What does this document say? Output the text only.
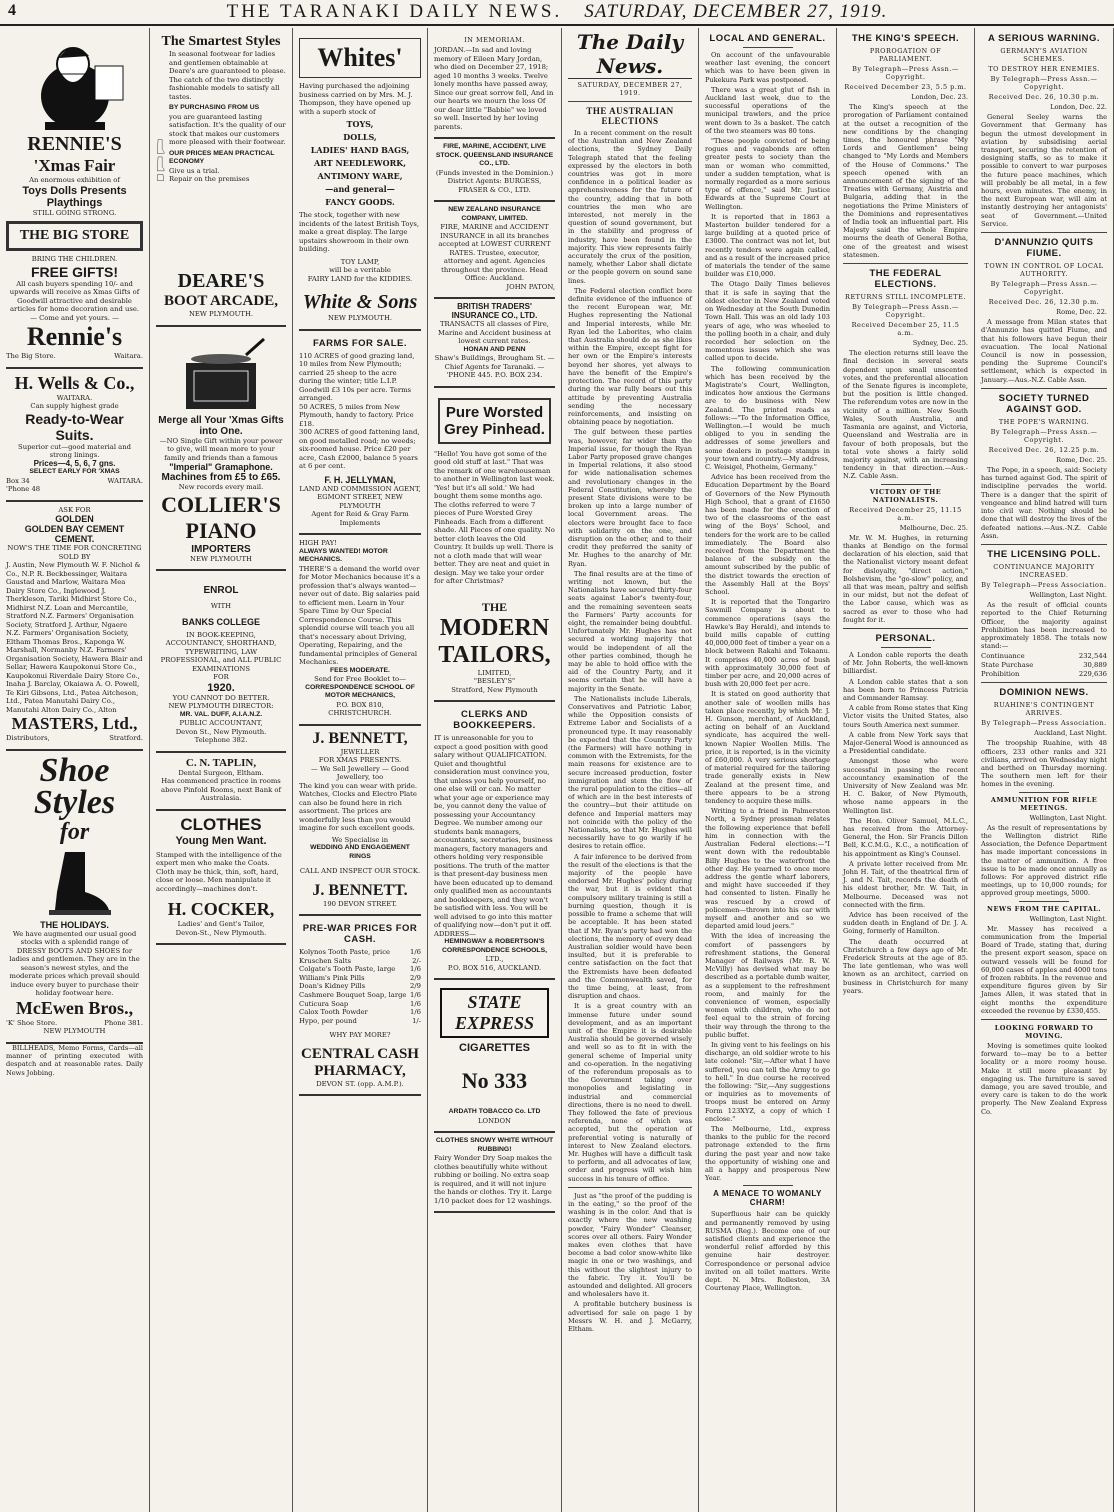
4	THE TARANAKI DAILY NEWS. SATURDAY, DECEMBER 27, 1919.
RENNIE'S
'Xmas Fair

An enormous exhibition of

Toys Dolls Presents Playthings

STILL GOING STRONG.

THE BIG STORE

BRING THE CHILDREN.

FREE GIFTS!

All cash buyers spending 10/- and upwards will receive as Xmas Gifts of Goodwill attractive and desirable articles for home decoration and use. — Come and yet yours. —

Rennie's
The Big Store.	Waitara.
H. Wells & Co.,

WAITARA.

Can supply highest grade

Ready-to-Wear Suits.

Superior cut—good material and strong linings.

Prices—4, 5, 6, 7 gns.

SELECT EARLY FOR 'XMAS

Box 34	WAITARA.
'Phone 48

ASK FOR

GOLDEN
GOLDEN BAY CEMENT
CEMENT.

NOW'S THE TIME FOR CONCRETING

SOLD BY

J. Austin, New Plymouth W. F. Nichol & Co., N.P. R. Beckbessinger, Waitara Gaustad and Marlow, Waitara Mea Dairy Store Co., Inglewood J. Therkleson, Tariki Midhirst Store Co., Midhirst N.Z. Loan and Mercantile, Stratford N.Z. Farmers' Organisation Society, Stratford J. Arthur, Ngaere N.Z. Farmers' Organisation Society, Eltham Thomas Bros., Kaponga W. Marshall, Normanby N.Z. Farmers' Organisation Society, Hawera Blair and Sellar, Hawera Kaupokonui Store Co., Kaupokonui Riverdale Dairy Store Co., Inaha J. Barclay, Okaiawa A. O. Powell, Te Kiri Gibsons, Ltd., Patea Aitcheson, Ltd., Patea Manutahi Dairy Co., Manutahi Alton Dairy Co., Alton

MASTERS, Ltd.,
Distributors,	Stratford.
Shoe
Styles
for
THE HOLIDAYS.

We have augmented our usual good stocks with a splendid range of DRESSY BOOTS AND SHOES for ladies and gentlemen. They are in the season's newest styles, and the moderate prices which prevail should induce every buyer to purchase their holiday footwear here.

McEwen Bros.,
'K' Shoe Store.	Phone 381.

NEW PLYMOUTH

BILLHEADS, Memo Forms, Cards—all manner of printing executed with despatch and at reasonable rates. Daily News Jobbing.

The Smartest Styles

In seasonal footwear for ladies and gentlemen obtainable at Deare's are guaranteed to please. The catch of the two distinctly fashionable models to satisfy all tastes.

BY PURCHASING FROM US

you are guaranteed lasting satisfaction. It's the quality of our stock that makes our customers more pleased with their footwear.

OUR PRICES MEAN PRACTICAL ECONOMY

Give us a trial.

Repair on the premises

DEARE'S
BOOT ARCADE,

NEW PLYMOUTH.

Merge all Your 'Xmas Gifts into One.

—NO Single Gift within your power to give, will mean more to your family and friends than a famous

"Imperial" Gramaphone.
Machines from £5 to £65.

New records every mail.

COLLIER'S
PIANO
IMPORTERS

NEW PLYMOUTH

ENROL

WITH

BANKS COLLEGE

IN BOOK-KEEPING, ACCOUNTANCY, SHORTHAND, TYPEWRITING, LAW PROFESSIONAL, and ALL PUBLIC EXAMINATIONS

FOR

1920.

YOU CANNOT DO BETTER.

NEW PLYMOUTH DIRECTOR:

MR. VAL. DUFF, A.I.A.N.Z.

PUBLIC ACCOUNTANT,

Devon St., New Plymouth.

Telephone 382.

C. N. TAPLIN,

Dental Surgeon, Eltham.

Has commenced practice in rooms above Pinfold Rooms, next Bank of Australasia.

CLOTHES
Young Men Want.

Stamped with the intelligence of the expert men who make the Coats. Cloth may be thick, thin, soft, hard, close or loose. Men manipulate it accordingly—machines don't.

H. COCKER,

Ladies' and Gent's Tailor,

Devon-St., New Plymouth.

Whites'

Having purchased the adjoining business carried on by Mrs. M. J. Thompson, they have opened up with a superb stock of

TOYS,
DOLLS,
LADIES' HAND BAGS,
ART NEEDLEWORK,
ANTIMONY WARE,
—and general—
FANCY GOODS.

The stock, together with new incidents of the latest British Toys, make a great display. The large upstairs showroom in their own building.

TOY LAMP,

will be a veritable

FAIRY LAND for the KIDDIES.

White & Sons

NEW PLYMOUTH.

FARMS FOR SALE.

110 ACRES of good grazing land, 10 miles from New Plymouth; carried 25 sheep to the acre during the winter; title L.I.P. Goodwill £3 10s per acre. Terms arranged.

50 ACRES, 5 miles from New Plymouth, handy to factory. Price £18.

300 ACRES of good fattening land, on good metalled road; no weeds; six-roomed house. Price £20 per acre, Cash £2000, balance 5 years at 6 per cent.

F. H. JELLYMAN,

LAND AND COMMISSION AGENT, EGMONT STREET, NEW PLYMOUTH

Agent for Reid & Gray Farm Implements

HIGH PAY!

ALWAYS WANTED! MOTOR MECHANICS.

THERE'S a demand the world over for Motor Mechanics because it's a profession that's always wanted—never out of date. Big salaries paid to efficient men. Learn in Your Spare Time by Our Special Correspondence Course. This splendid course will teach you all that's necessary about Driving, Operating, Repairing, and the fundamental principles of General Mechanics.

FEES MODERATE.

Send for Free Booklet to—

CORRESPONDENCE SCHOOL OF MOTOR MECHANICS,

P.O. BOX 810,

CHRISTCHURCH.

J. BENNETT,

JEWELLER

FOR XMAS PRESENTS.

— We Sell Jewellery — Good Jewellery, too

The kind you can wear with pride. Watches, Clocks and Electro Plate can also be found here in rich assortment. The prices are wonderfully less than you would imagine for such excellent goods.

We Specialise in

WEDDING AND ENGAGEMENT RINGS

CALL AND INSPECT OUR STOCK.

J. BENNETT.

190 DEVON STREET.

PRE-WAR PRICES FOR CASH.
Kolynos Tooth Paste, price	1/6
Kruschen Salts	2/-
Colgate's Tooth Paste, large 1/6
William's Pink Pills	2/9
Doan's Kidney Pills	2/9
Cashmere Bouquet Soap, large 1/6
Cuticura Soap	1/6
Calox Tooth Powder	1/6
Hypo, per pound	1/-

WHY PAY MORE?

CENTRAL CASH PHARMACY,

DEVON ST. (opp. A.M.P.).

IN MEMORIAM.

JORDAN.—In sad and loving memory of Eileen Mary Jordan, who died on December 27, 1918; aged 10 months 3 weeks. Twelve lonely months have passed away, Since our great sorrow fell, And in our hearts we mourn the loss Of our dear little "Babbie" we loved so well. Inserted by her loving parents.

FIRE, MARINE, ACCIDENT, LIVE STOCK. QUEENSLAND INSURANCE CO., LTD.

(Funds invested in the Dominion.) District Agents: BURGESS, FRASER & CO., LTD.

NEW ZEALAND INSURANCE COMPANY, LIMITED.

FIRE, MARINE and ACCIDENT INSURANCE in all its branches accepted at LOWEST CURRENT RATES. Trustee, executor, attorney and agent. Agencies throughout the province. Head Office: Auckland.

JOHN PATON,

BRITISH TRADERS' INSURANCE CO., LTD.

TRANSACTS all classes of Fire, Marine and Accident business at lowest current rates.

HONAN AND PENN

Shaw's Buildings, Brougham St. — Chief Agents for Taranaki. — 'PHONE 445. P.O. BOX 234.

Pure Worsted
Grey Pinhead.

"Hello! You have got some of the good old stuff at last." That was the remark of one warehouseman to another in Wellington last week. 'Yes! but it's all sold.' We had bought them some months ago. The cloths referred to were 7 pieces of Pure Worsted Grey Pinheads. Each from a different shade. All Pieces of one quality. No better cloth leaves the Old Country. It builds up well. There is not a cloth made that will wear better. They are neat and quiet in design. May we take your order for after Christmas?

THE
MODERN
TAILORS,

LIMITED,

"BESLEY'S"

Stratford, New Plymouth

CLERKS AND BOOKKEEPERS.

IT is unreasonable for you to expect a good position with good salary without QUALIFICATION. Quiet and thoughtful consideration must convince you, that unless you help yourself, no one else will or can. No matter what your age or experience may be, you cannot deny the value of possessing your Accountancy Degree. We number among our students bank managers, accountants, secretaries, business managers, factory managers and others holding very responsible positions. The truth of the matter is that present-day business men have been educated up to demand only qualified men as accountants and bookkeepers, and they won't be satisfied with less. You will be well advised to go into this matter of qualifying now—don't put it off.

ADDRESS—

HEMINGWAY & ROBERTSON'S CORRESPONDENCE SCHOOLS,

LTD.,

P.O. BOX 516, AUCKLAND.

STATE EXPRESS
CIGARETTES
No 333

ARDATH TOBACCO Co. LTD

LONDON

CLOTHES SNOWY WHITE WITHOUT RUBBING!

Fairy Wonder Dry Soap makes the clothes beautifully white without rubbing or boiling. No extra soap is required, and it will not injure the hands or clothes. Try it. Large 1/10 packet does for 12 washings.

The Daily News.
SATURDAY, DECEMBER 27, 1919.
THE AUSTRALIAN ELECTIONS

In a recent comment on the result of the Australian and New Zealand elections, the Sydney Daily Telegraph stated that the feeling expressed by the electors in both countries was got in more confidence in a political leader as apprehensiveness for the future of the country, adding that in both countries the men who are interested, not merely in the question of sound government, but in the stability and progress of industry, have been found in the majority. This view represents fairly accurately the crux of the position, namely, whether Labor shall dictate or the people govern on sound sane lines.

The Federal election conflict bore definite evidence of the influence of the recent European war, Mr. Hughes representing the National and Imperial interests, while Mr. Ryan led the Laborites, who claim that Australia should do as she likes within the Empire, except fight for her own or the Empire's interests beyond her shores, yet always to have the benefit of the Empire's protection. The record of this party during the war fully bears out this attitude by preventing Australia sending the necessary reinforcements, and insisting on obtaining peace by negotiation.

The gulf between these parties was, however, far wider than the Imperial issue, for though the Ryan Labor Party proposed grave changes in Imperial relations, it also stood for wide nationalisation schemes and revolutionary changes in the Federal Constitution, whereby the present State divisions were to be broken up into a large number of local Government areas. The electors were brought face to face with solidarity on the one, and disruption on the other, and to their credit they preferred the sanity of Mr. Hughes to the anarchy of Mr. Ryan.

The final results are at the time of writing not known, but the Nationalists have secured thirty-four seats against Labor's twenty-four, and the remaining seventeen seats the Farmers' Party accounts for eight, the remainder being doubtful. Unfortunately Mr. Hughes has not secured a working majority that would be independent of all the other parties combined, though he may be able to hold office with the aid of the Country Party, and it seems certain that he will have a majority in the Senate.

The Nationalists include Liberals, Conservatives and Patriotic Labor, while the Opposition consists of Extreme Labor and Socialists of a pronounced type. It may reasonably be expected that the Country Party (the Farmers) will have nothing in common with the Extremists, for the main reasons for existence are to secure increased production, foster immigration and stem the flow of the rural population to the cities—all of which are in the best interests of the country—but their attitude on defence and Imperial matters may not coincide with the policy of the Nationalists, so that Mr. Hughes will necessarily have to go warily if he desires to retain office.

A fair inference to be derived from the result of the elections is that the majority of the people have endorsed Mr. Hughes' policy during the war, but it is evident that compulsory military training is still a burning question, though it is possible to frame a scheme that will be acceptable. It has been stated that if Mr. Ryan's party had won the elections, the memory of every dead Australian soldier would have been insulted, but it is preferable to centre satisfaction on the fact that the Extremists have been defeated and the Commonwealth saved, for the time being, at least, from disruption and chaos.

It is a great country with an immense future under sound development, and as an important unit of the Empire it is desirable Australia should be governed wisely and well so as to fit in with the general scheme of Imperial unity and co-operation. In the negativing of the referendum proposals as to the Government taking over monopolies and legislating in industrial and commercial directions, there is no need to dwell. They followed the fate of previous referenda, none of which was accepted, but the operation of preferential voting is naturally of interest to New Zealand electors. Mr. Hughes will have a difficult task to perform, and all advocates of law, order and progress will wish him success in his tenure of office.

Just as "the proof of the pudding is in the eating," so the proof of the washing is in the color. And that is exactly where the new washing powder, "Fairy Wonder" Cleanser, scores over all others. Fairy Wonder makes even clothes that have become a bad color snow-white like magic in one or two washings, and this without the slightest injury to the fabric. Try it. You'll be astounded and delighted. All grocers and wholesalers have it.

A profitable butchery business is advertised for sale on page 1 by Messrs W. H. and J. McGarry, Eltham.

LOCAL AND GENERAL.

On account of the unfavourable weather last evening, the concert which was to have been given in Pukekura Park was postponed.

There was a great glut of fish in Auckland last week, due to the successful operations of the municipal trawlers, and the price went down to 3s a basket. The catch of the two steamers was 80 tons.

"These people convicted of being rogues and vagabonds are often greater pests to society than the man or woman who committed, under a sudden temptation, what is normally regarded as a more serious type of offence," said Mr. Justice Edwards at the Supreme Court at Wellington.

It is reported that in 1863 a Masterton builder tendered for a large building at a quoted price of £3000. The contract was not let, but recently tenders were again called, and as a result of the increased price of materials the tender of the same builder was £10,000.

The Otago Daily Times believes that it is safe in saying that the oldest elector in New Zealand voted on Wednesday at the South Dunedin Town Hall. This was an old lady 103 years of age, who was wheeled to the polling booth in a chair, and duly recorded her selection on the momentous issues which she was called upon to decide.

The following communication which has been received by the Magistrate's Court, Wellington, indicates how anxious the Germans are to do business with New Zealand. The printed reads as follows:—"To the Information Office, Wellington.—I would be much obliged to you in sending the addresses of some jewellers and some dealers in postage stamps in your town and country.—My address, C. Weisigel, Photheim, Germany."

Advice has been received from the Education Department by the Board of Governors of the New Plymouth High School, that a grant of £1650 has been made for the erection of two of the classrooms of the east wing of the Boys' School, and tenders for the work are to be called immediately. The Board also received from the Department the balance of the subsidy on the amount subscribed by the public of the district towards the erection of the Assembly Hall at the Boys' School.

It is reported that the Tongariro Sawmill Company is about to commence operations (says the Hawke's Bay Herald), and intends to build mills capable of cutting 40,000,000 feet of timber a year on a block between Rakahi and Tokaanu. It comprises 40,000 acres of bush with approximately 30,000 feet of timber per acre, and 20,000 acres of bush with 20,000 feet per acre.

It is stated on good authority that another sale of woollen mills has taken place recently, by which Mr. J. H. Gunson, merchant, of Auckland, acting on behalf of an Auckland syndicate, has acquired the well-known Napier Woollen Mills. The price, it is reported, is in the vicinity of £60,000. A very serious shortage of material required for the tailoring trade generally exists in New Zealand at the present time, and there appears to be a strong tendency to acquire these mills.

Writing to a friend in Palmerston North, a Sydney pressman relates the following experience that befell him in connection with the Australian Federal elections:—"I went down with the redoubtable Billy Hughes to the waterfront the other day. He yearned to once more address the gentle wharf laborers, and might have succeeded if they had consented to listen. Finally he was rescued by a crowd of policemen—thrown into his car with myself and another and so we departed amid loud jeers."

With the idea of increasing the comfort of passengers by refreshment stations, the General Manager of Railways (Mr. R. W. McVilly) has devised what may be described as a portable dumb waiter, as a supplement to the refreshment room, and mainly for the convenience of women, especially women with children, who do not feel equal to the strain of forcing their way through the throng to the public buffet.

In giving vent to his feelings on his discharge, an old soldier wrote to his late colonel: "Sir,—After what I have suffered, you can tell the Army to go to hell." In due course he received the following: "Sir,—Any suggestions or inquiries as to movements of troops must be entered on Army Form 123XYZ, a copy of which I enclose."

The Melbourne, Ltd., express thanks to the public for the record patronage extended to the firm during the past year and now take the opportunity of wishing one and all a happy and prosperous New Year.

A MENACE TO WOMANLY CHARM!

Superfluous hair can be quickly and permanently removed by using RUSMA (Reg.). Become one of our satisfied clients and experience the wonderful relief afforded by this genuine hair destroyer. Correspondence or personal advice invited on all toilet matters. Write dept. N. Mrs. Rolleston, 3A Courtenay Place, Wellington.

THE KING'S SPEECH.
PROROGATION OF PARLIAMENT.
By Telegraph—Press Assn.—Copyright.
Received December 23, 5.5 p.m.

London, Dec. 23.

The King's speech at the prorogation of Parliament contained at the outset a recognition of the new conditions by the changing times, the honoured phrase "My Lords and Gentlemen" being changed to "My Lords and Members of the House of Commons." The speech opened with an announcement of the signing of the Treaties with Germany, Austria and Bulgaria, adding that in the negotiations the Prime Ministers of the Dominions and representatives of India took an influential part. His Majesty said the whole Empire mourns the death of General Botha, one of the greatest and wisest statesmen.

THE FEDERAL ELECTIONS.
RETURNS STILL INCOMPLETE.
By Telegraph—Press Assn.—Copyright.
Received December 25, 11.5 a.m.

Sydney, Dec. 25.

The election returns still leave the final decision in several seats dependent upon small unscented votes, and the preferential allocation of the Senate figures is incomplete, but the position is little changed. The referendum votes are now in the vicinity of a million. New South Wales, South Australia, and Tasmania are against, and Victoria, Queensland and Westralia are in favour of both proposals, but the total vote shows a fairly solid majority against, with an increasing tendency in that direction.—Aus.-N.Z. Cable Assn.

VICTORY OF THE NATIONALISTS.
Received December 25, 11.15 a.m.

Melbourne, Dec. 25.

Mr. W. M. Hughes, in returning thanks at Bendigo on the formal declaration of his election, said that the Nationalist victory meant defeat for disloyalty, "direct action," Bolshevism, the "go-slow" policy, and all that was mean, paltry and selfish in our midst, but not the defeat of the Labor cause, which was as sacred as ever to those who had fought for it.

PERSONAL.

A London cable reports the death of Mr. John Roberts, the well-known billiardist.

A London cable states that a son has been born to Princess Patricia and Commander Ramsay.

A cable from Rome states that King Victor visits the United States, also tours South America next summer.

A cable from New York says that Major-General Wood is announced as a Presidential candidate.

Amongst those who were successful in passing the recent accountancy examination of the University of New Zealand was Mr. H. C. Baker, of New Plymouth, whose name appears in the Wellington list.

The Hon. Oliver Samuel, M.L.C., has received from the Attorney-General, the Hon. Sir Francis Dillon Bell, K.C.M.G., K.C., a notification of his appointment as King's Counsel.

A private letter received from Mr. John H. Tait, of the theatrical firm of J. and N. Tait, records the death of his eldest brother, Mr. W. Tait, in Melbourne. Deceased was not connected with the firm.

Advice has been received of the sudden death in England of Dr. J. A. Going, formerly of Hamilton.

The death occurred at Christchurch a few days ago of Mr. Frederick Strouts at the age of 85. The late gentleman, who was well known as an architect, carried on business in Christchurch for many years.

A SERIOUS WARNING.
GERMANY'S AVIATION SCHEMES.
TO DESTROY HER ENEMIES.
By Telegraph—Press Assn.—Copyright.
Received Dec. 26, 10.30 p.m.

London, Dec. 22.

General Seeley warns the Government that Germany has begun the utmost development in aviation by subsidising aerial transport, securing the retention of designing staffs, so as to make it possible to convert to war purposes the future peace machines, which will probably be all metal, in a few hours, even minutes. The enemy, in the next European war, will aim at instantly destroying her antagonists' seat of Government.—United Service.

D'ANNUNZIO QUITS FIUME.
TOWN IN CONTROL OF LOCAL AUTHORITY.
By Telegraph—Press Assn.—Copyright.
Received Dec. 26, 12.30 p.m.

Rome, Dec. 22.

A message from Milan states that d'Annunzio has quitted Fiume, and that his followers have begun their evacuation. The local National Council is now in possession, pending the Supreme Council's settlement, which is expected in January.—Aus.-N.Z. Cable Assn.

SOCIETY TURNED AGAINST GOD.
THE POPE'S WARNING.
By Telegraph—Press Assn.—Copyright.
Received Dec. 26, 12.25 p.m.

Rome, Dec. 25.

The Pope, in a speech, said: Society has turned against God. The spirit of indiscipline pervades the world. There is a danger that the spirit of vengeance and blind hatred will turn into civil war. Nothing should be done that will destroy the lives of the defeated nations.—Aus.-N.Z. Cable Assn.

THE LICENSING POLL.
CONTINUANCE MAJORITY INCREASED.
By Telegraph—Press Association.

Wellington, Last Night.

As the result of official counts reported to the Chief Returning Officer, the majority against Prohibition has been increased to approximately 1858. The totals now stand:—

Continuance	232,544
State Purchase	30,889
Prohibition	229,636
DOMINION NEWS.
RUAHINE'S CONTINGENT ARRIVES.
By Telegraph—Press Association.

Auckland, Last Night.

The troopship Ruahine, with 48 officers, 233 other ranks and 321 civilians, arrived on Wednesday night and berthed on Thursday morning. The southern men left for their homes in the evening.

AMMUNITION FOR RIFLE MEETINGS.

Wellington, Last Night.

As the result of representations by the Wellington district Rifle Association, the Defence Department has made important concessions in the matter of ammunition. A free issue is to be made once annually as follows: For approved district rifle meetings, up to 10,000 rounds; for approved group meetings, 5000.

NEWS FROM THE CAPITAL.

Wellington, Last Night.

Mr. Massey has received a communication from the Imperial Board of Trade, stating that, during the present export season, space on outward vessels will be found for 60,000 cases of apples and 4000 tons of frozen rabbits. In the revenue and expenditure figures given by Sir James Allen, it was stated that in eight months the expenditure exceeded the revenue by £330,455.

LOOKING FORWARD TO MOVING.

Moving is sometimes quite looked forward to—may be to a better locality or a more roomy house. Make it still more pleasant by engaging us. The furniture is saved damage, you are saved trouble, and every care is taken to do the work properly. The New Zealand Express Co.
